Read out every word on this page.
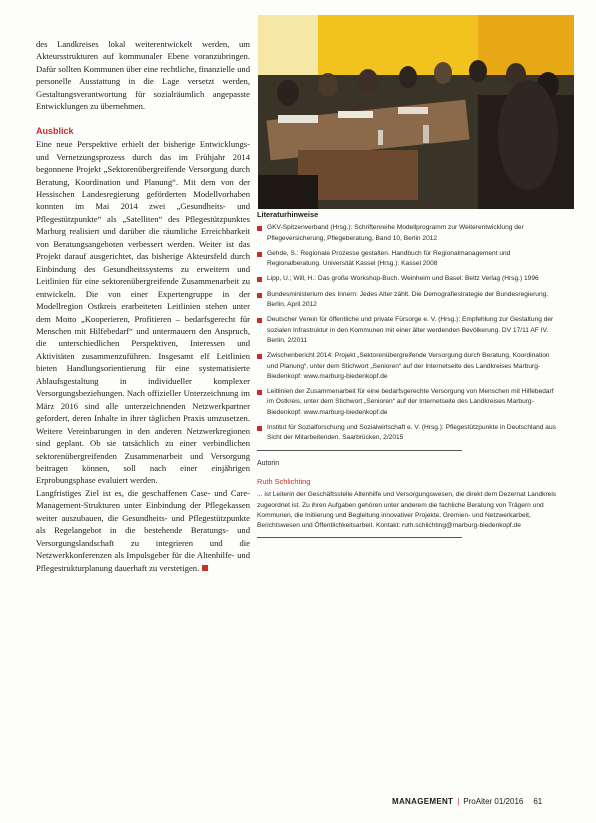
des Landkreises lokal weiterentwickelt werden, um Akteursstrukturen auf kommunaler Ebene voranzubringen. Dafür sollten Kommunen über eine rechtliche, finanzielle und personelle Ausstattung in die Lage versetzt werden, Gestaltungsverantwortung für sozialräumlich angepasste Entwicklungen zu übernehmen.

Ausblick

Eine neue Perspektive erhielt der bisherige Entwicklungs- und Vernetzungsprozess durch das im Frühjahr 2014 begonnene Projekt „Sektorenübergreifende Versorgung durch Beratung, Koordination und Planung“. Mit dem von der Hessischen Landesregierung geförderten Modellvorhaben konnten im Mai 2014 zwei „Gesundheits- und Pflegestützpunkte“ als „Satelliten“ des Pflegestützpunktes Marburg realisiert und darüber die räumliche Erreichbarkeit von Beratungsangeboten verbessert werden. Weiter ist das Projekt darauf ausgerichtet, das bisherige Akteursfeld durch Einbindung des Gesundheitssystems zu erweitern und Leitlinien für eine sektorenübergreifende Zusammenarbeit zu entwickeln. Die von einer Expertengruppe in der Modellregion Ostkreis erarbeiteten Leitlinien stehen unter dem Motto „Kooperieren, Profitieren – bedarfsgerecht für Menschen mit Hilfebedarf“ und untermauern den Anspruch, die unterschiedlichen Perspektiven, Interessen und Aktivitäten zusammenzuführen. Insgesamt elf Leitlinien bieten Handlungsorientierung für eine systematisierte Ablaufsgestaltung in individueller komplexer Versorgungsbeziehungen. Nach offizieller Unterzeichnung im März 2016 sind alle unterzeichnenden Netzwerkpartner gefordert, deren Inhalte in ihrer täglichen Praxis umzusetzen. Weitere Vereinbarungen in den anderen Netzwerkregionen sind geplant. Ob sie tatsächlich zu einer verbindlichen sektorenübergreifenden Zusammenarbeit und Versorgung beitragen können, soll nach einer einjährigen Erprobungsphase evaluiert werden.

Langfristiges Ziel ist es, die geschaffenen Case- und Care-Management-Strukturen unter Einbindung der Pflegekassen weiter auszubauen, die Gesundheits- und Pflegestützpunkte als Regelangebot in die bestehende Beratungs- und Versorgungslandschaft zu integrieren und die Netzwerkkonferenzen als Impulsgeber für die Altenhilfe- und Pflegestrukturplanung dauerhaft zu verstetigen.

Literaturhinweise
GKV-Spitzenverband (Hrsg.): Schriftenreihe Modellprogramm zur Weiterentwicklung der Pflegeversicherung, Pflegeberatung, Band 10, Berlin 2012
Gehde, S.: Regionale Prozesse gestalten. Handbuch für Regionalmanagement und Regionalberatung. Universität Kassel (Hrsg.): Kassel 2008
Lipp, U.; Will, H.: Das große Workshop-Buch. Weinheim und Basel: Beltz Verlag (Hrsg.) 1996
Bundesministerium des Innern: Jedes Alter zählt. Die Demografiestrategie der Bundesregierung. Berlin, April 2012
Deutscher Verein für öffentliche und private Fürsorge e. V. (Hrsg.): Empfehlung zur Gestaltung der sozialen Infrastruktur in den Kommunen mit einer älter werdenden Bevölkerung. DV 17/11 AF IV. Berlin, 2/2011
Zwischenbericht 2014: Projekt „Sektorenübergreifende Versorgung durch Beratung, Koordination und Planung“, unter dem Stichwort „Senioren“ auf der Internetseite des Landkreises Marburg-Biedenkopf: www.marburg-biedenkopf.de
Leitlinien der Zusammenarbeit für eine bedarfsgerechte Versorgung von Menschen mit Hilfebedarf im Ostkreis, unter dem Stichwort „Senioren“ auf der Internetseite des Landkreises Marburg-Biedenkopf: www.marburg-biedenkopf.de
Institut für Sozialforschung und Sozialwirtschaft e. V. (Hrsg.): Pflegestützpunkte in Deutschland aus Sicht der Mitarbeitenden. Saarbrücken, 2/2015
Autorin
Ruth Schlichting

... ist Leiterin der Geschäftsstelle Altenhilfe und Versorgungswesen, die direkt dem Dezernat Landkreis zugeordnet ist. Zu ihren Aufgaben gehören unter anderem die fachliche Beratung von Trägern und Kommunen, die Initiierung und Begleitung innovativer Projekte, Gremien- und Netzwerkarbeit, Berichtswesen und Öffentlichkeitsarbeit. Kontakt: ruth.schlichting@marburg-biedenkopf.de

MANAGEMENT | ProAlter 01/2016 61
